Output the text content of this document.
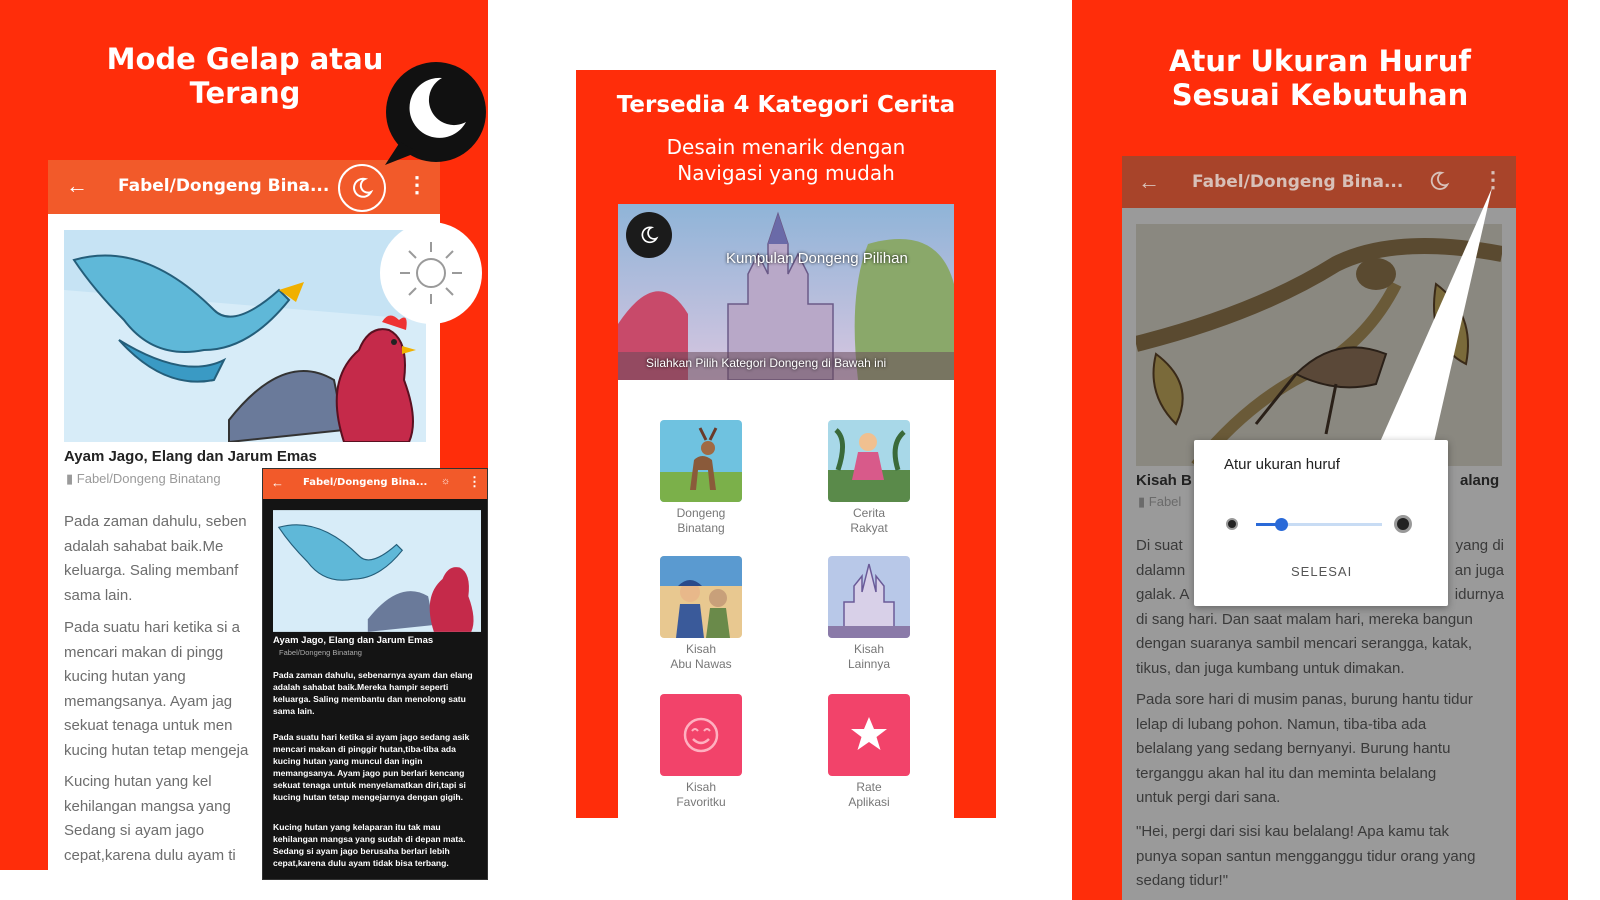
Mode Gelap atau
Terang
← Fabel/Dongeng Bina...	⋮
Ayam Jago, Elang dan Jarum Emas
▮ Fabel/Dongeng Binatang
Pada zaman dahulu, seben
adalah sahabat baik.Me
keluarga. Saling membanf
sama lain.
Pada suatu hari ketika si a
mencari makan di pingg
kucing hutan yang
memangsanya. Ayam jag
sekuat tenaga untuk men
kucing hutan tetap mengeja
Kucing hutan yang kel
kehilangan mangsa yang
Sedang si ayam jago
cepat,karena dulu ayam ti
← Fabel/Dongeng Bina... ☼ ⋮
Ayam Jago, Elang dan Jarum Emas
Fabel/Dongeng Binatang
Pada zaman dahulu, sebenarnya ayam dan elang
adalah sahabat baik.Mereka hampir seperti
keluarga. Saling membantu dan menolong satu
sama lain.
Pada suatu hari ketika si ayam jago sedang asik
mencari makan di pinggir hutan,tiba-tiba ada
kucing hutan yang muncul dan ingin
memangsanya. Ayam jago pun berlari kencang
sekuat tenaga untuk menyelamatkan diri,tapi si
kucing hutan tetap mengejarnya dengan gigih.
Kucing hutan yang kelaparan itu tak mau
kehilangan mangsa yang sudah di depan mata.
Sedang si ayam jago berusaha berlari lebih
cepat,karena dulu ayam tidak bisa terbang.
Tersedia 4 Kategori Cerita
Desain menarik dengan
Navigasi yang mudah
Kumpulan Dongeng Pilihan
Silahkan Pilih Kategori Dongeng di Bawah ini
Dongeng
Binatang
Cerita
Rakyat
Kisah
Abu Nawas
Kisah
Lainnya
Kisah
Favoritku
Rate
Aplikasi
Atur Ukuran Huruf
Sesuai Kebutuhan
← Fabel/Dongeng Bina...	⋮
Kisah B	alang
▮ Fabel
Di suat
dalamn
galak. A
di sang hari. Dan saat malam hari, mereka bangun
dengan suaranya sambil mencari serangga, katak,
tikus, dan juga kumbang untuk dimakan.
yang di
an juga
idurnya
Pada sore hari di musim panas, burung hantu tidur
lelap di lubang pohon. Namun, tiba-tiba ada
belalang yang sedang bernyanyi. Burung hantu
terganggu akan hal itu dan meminta belalang
untuk pergi dari sana.
"Hei, pergi dari sisi kau belalang! Apa kamu tak
punya sopan santun mengganggu tidur orang yang
sedang tidur!"
Atur ukuran huruf
SELESAI
